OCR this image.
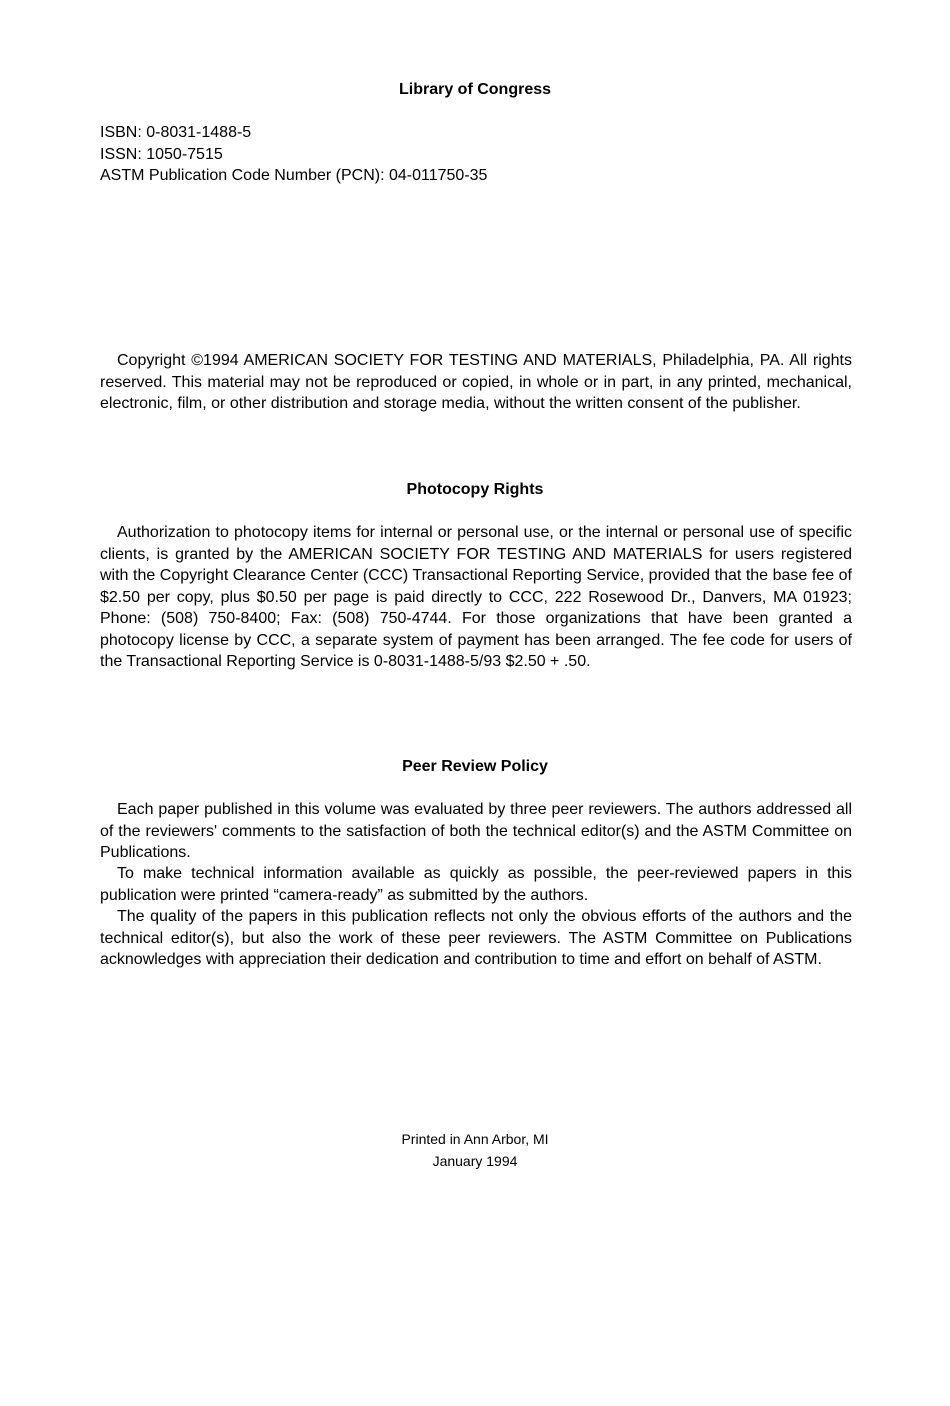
Library of Congress

ISBN: 0-8031-1488-5

ISSN: 1050-7515

ASTM Publication Code Number (PCN): 04-011750-35

Copyright ©1994 AMERICAN SOCIETY FOR TESTING AND MATERIALS, Philadelphia, PA. All rights reserved. This material may not be reproduced or copied, in whole or in part, in any printed, mechanical, electronic, film, or other distribution and storage media, without the written consent of the publisher.

Photocopy Rights

Authorization to photocopy items for internal or personal use, or the internal or personal use of specific clients, is granted by the AMERICAN SOCIETY FOR TESTING AND MATERIALS for users registered with the Copyright Clearance Center (CCC) Transactional Reporting Service, provided that the base fee of $2.50 per copy, plus $0.50 per page is paid directly to CCC, 222 Rosewood Dr., Danvers, MA 01923; Phone: (508) 750-8400; Fax: (508) 750-4744. For those organizations that have been granted a photocopy license by CCC, a separate system of payment has been arranged. The fee code for users of the Transactional Reporting Service is 0-8031-1488-5/93 $2.50 + .50.

Peer Review Policy

Each paper published in this volume was evaluated by three peer reviewers. The authors addressed all of the reviewers' comments to the satisfaction of both the technical editor(s) and the ASTM Committee on Publications.

To make technical information available as quickly as possible, the peer-reviewed papers in this publication were printed “camera-ready” as submitted by the authors.

The quality of the papers in this publication reflects not only the obvious efforts of the authors and the technical editor(s), but also the work of these peer reviewers. The ASTM Committee on Publications acknowledges with appreciation their dedication and contribution to time and effort on behalf of ASTM.

Printed in Ann Arbor, MI

January 1994
